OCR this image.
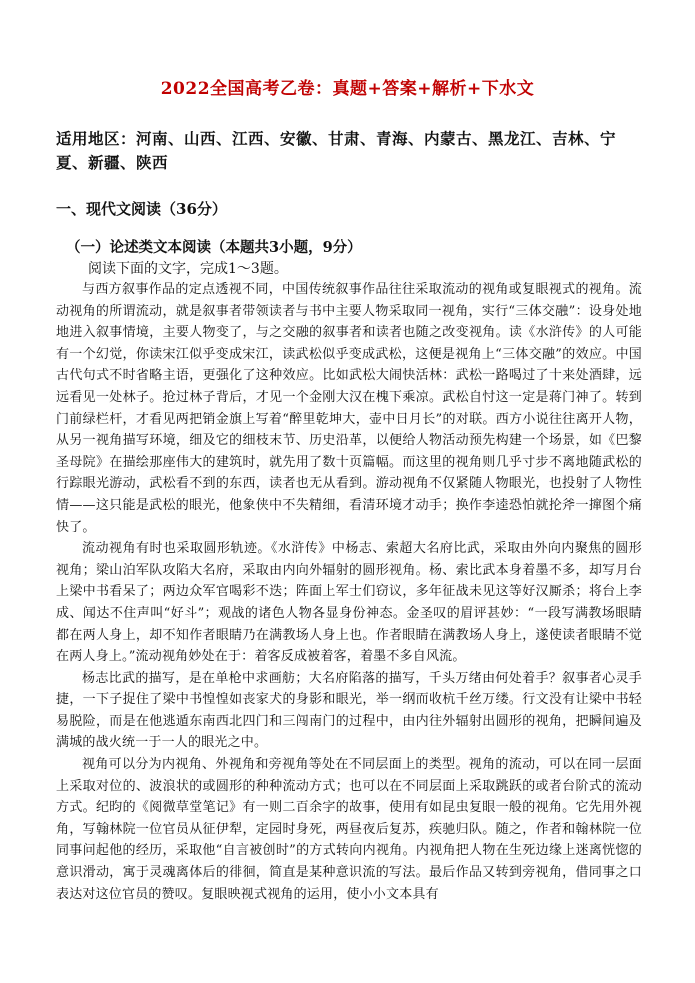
2022全国高考乙卷：真题+答案+解析+下水文
适用地区：河南、山西、江西、安徽、甘肃、青海、内蒙古、黑龙江、吉林、宁夏、新疆、陕西
一、现代文阅读（36分）
（一）论述类文本阅读（本题共3小题，9分）
阅读下面的文字，完成1～3题。

与西方叙事作品的定点透视不同，中国传统叙事作品往往采取流动的视角或复眼视式的视角。流动视角的所谓流动，就是叙事者带领读者与书中主要人物采取同一视角，实行“三体交融”：设身处地地进入叙事情境，主要人物变了，与之交融的叙事者和读者也随之改变视角。读《水浒传》的人可能有一个幻觉，你读宋江似乎变成宋江，读武松似乎变成武松，这便是视角上“三体交融”的效应。中国古代句式不时省略主语，更强化了这种效应。比如武松大闹快活林：武松一路喝过了十来处酒肆，远远看见一处林子。抢过林子背后，才见一个金刚大汉在槐下乘凉。武松自忖这一定是蒋门神了。转到门前绿栏杆，才看见两把销金旗上写着“醉里乾坤大，壶中日月长”的对联。西方小说往往离开人物，从另一视角描写环境，细及它的细枝末节、历史沿革，以便给人物活动预先构建一个场景，如《巴黎圣母院》在描绘那座伟大的建筑时，就先用了数十页篇幅。而这里的视角则几乎寸步不离地随武松的行踪眼光游动，武松看不到的东西，读者也无从看到。游动视角不仅紧随人物眼光，也投射了人物性情——这只能是武松的眼光，他象侠中不失精细，看清环境才动手；换作李逵恐怕就抡斧一撺图个痛快了。

流动视角有时也采取圆形轨迹。《水浒传》中杨志、索超大名府比武，采取由外向内聚焦的圆形视角；梁山泊军队攻陷大名府，采取由内向外辐射的圆形视角。杨、索比武本身着墨不多，却写月台上梁中书看呆了；两边众军官喝彩不迭；阵面上军士们窃议，多年征战未见这等好汉厮杀；将台上李成、闻达不住声叫“好斗”；观战的诸色人物各显身份神态。金圣叹的眉评甚妙：“一段写满教场眼睛都在两人身上，却不知作者眼睛乃在满教场人身上也。作者眼睛在满教场人身上，遂使读者眼睛不觉在两人身上。”流动视角妙处在于：着客反成被着客，着墨不多自风流。

杨志比武的描写，是在单枪中求画舫；大名府陷落的描写，千头万绪由何处着手？叙事者心灵手捷，一下子捉住了梁中书惶惶如丧家犬的身影和眼光，举一纲而收杭千丝万缕。行文没有让梁中书轻易脱险，而是在他逃遁东南西北四门和三闯南门的过程中，由内往外辐射出圆形的视角，把瞬间遍及满城的战火统一于一人的眼光之中。

视角可以分为内视角、外视角和旁视角等处在不同层面上的类型。视角的流动，可以在同一层面上采取对位的、波浪状的或圆形的种种流动方式；也可以在不同层面上采取跳跃的或者台阶式的流动方式。纪昀的《阅微草堂笔记》有一则二百余字的故事，使用有如昆虫复眼一般的视角。它先用外视角，写翰林院一位官员从征伊犁，定园时身死，两昼夜后复苏，疾驰归队。随之，作者和翰林院一位同事问起他的经历，采取他“自言被创时”的方式转向内视角。内视角把人物在生死边缘上迷离恍惚的意识滑动，寓于灵魂离体后的徘徊，简直是某种意识流的写法。最后作品又转到旁视角，借同事之口表达对这位官员的赞叹。复眼映视式视角的运用，使小小文本具有
